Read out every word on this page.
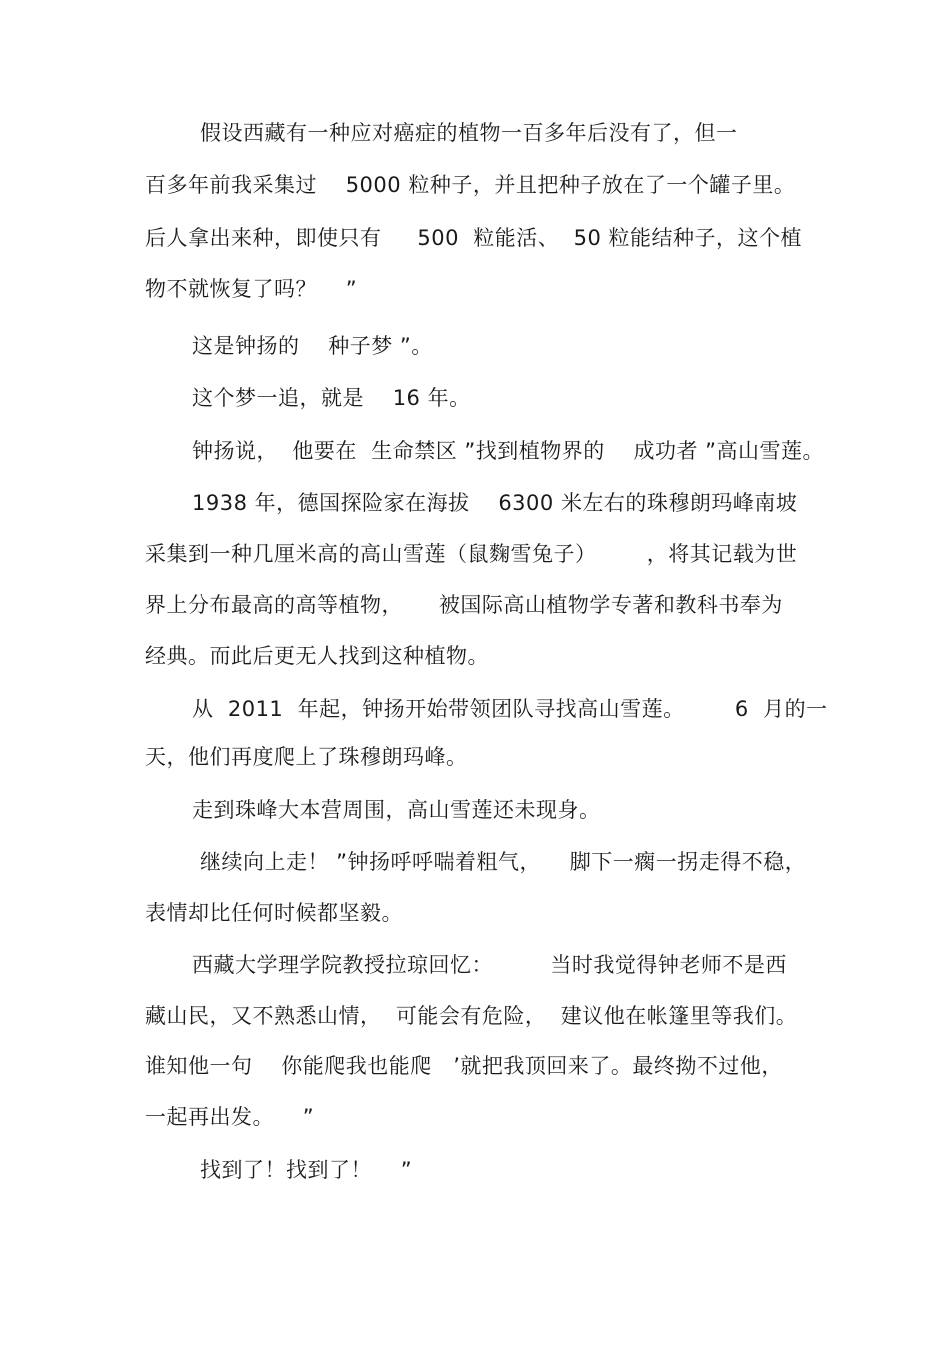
假设西藏有一种应对癌症的植物一百多年后没有了，但一
百多年前我采集过    5000 粒种子，并且把种子放在了一个罐子里。
后人拿出来种，即使只有     500  粒能活、  50 粒能结种子，这个植
物不就恢复了吗？    ”
这是钟扬的    种子梦 ”。
这个梦一追，就是    16 年。
钟扬说，  他要在  生命禁区 ”找到植物界的    成功者 ”高山雪莲。
1938 年，德国探险家在海拔    6300 米左右的珠穆朗玛峰南坡
采集到一种几厘米高的高山雪莲（鼠麴雪兔子）       ，将其记载为世
界上分布最高的高等植物，     被国际高山植物学专著和教科书奉为
经典。而此后更无人找到这种植物。
从  2011  年起，钟扬开始带领团队寻找高山雪莲。       6  月的一
天，他们再度爬上了珠穆朗玛峰。
走到珠峰大本营周围，高山雪莲还未现身。
继续向上走！ ”钟扬呼呼喘着粗气，    脚下一瘸一拐走得不稳，
表情却比任何时候都坚毅。
西藏大学理学院教授拉琼回忆：        当时我觉得钟老师不是西
藏山民，又不熟悉山情，  可能会有危险，  建议他在帐篷里等我们。
谁知他一句    你能爬我也能爬   ’就把我顶回来了。最终拗不过他，
一起再出发。    ”
找到了！找到了！    ”
